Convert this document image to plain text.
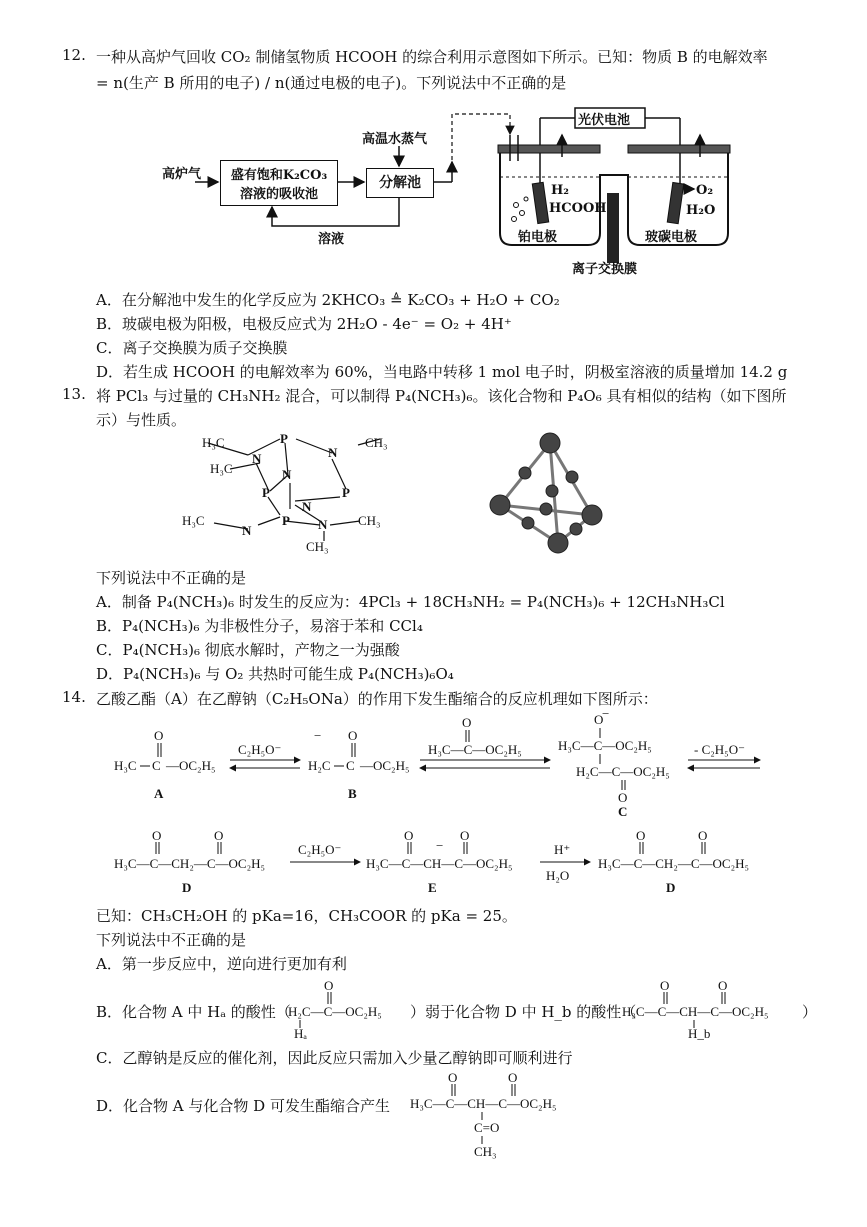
12. 一种从高炉气回收 CO₂ 制储氢物质 HCOOH 的综合利用示意图如下所示。已知：物质 B 的电解效率
= n(生产 B 所用的电子) / n(通过电极的电子)。下列说法中不正确的是
高炉气	盛有饱和K₂CO₃
溶液的吸收池
高温水蒸气
分解池
溶液
光伏电池
H₂
HCOOH
O₂
H₂O
铂电极	玻碳电极
离子交换膜
A．在分解池中发生的化学反应为 2KHCO₃ ≜ K₂CO₃ + H₂O + CO₂
B．玻碳电极为阳极，电极反应式为 2H₂O - 4e⁻ = O₂ + 4H⁺
C．离子交换膜为质子交换膜
D．若生成 HCOOH 的电解效率为 60%，当电路中转移 1 mol 电子时，阴极室溶液的质量增加 14.2 g
13. 将 PCl₃ 与过量的 CH₃NH₂ 混合，可以制得 P₄(NCH₃)₆。该化合物和 P₄O₆ 具有相似的结构（如下图所
示）与性质。
H₃C
N
P
N
CH₃
H₃C	N
P	P
N
P
H₃C
N	N CH₃
CH₃
下列说法中不正确的是
A．制备 P₄(NCH₃)₆ 时发生的反应为：4PCl₃ + 18CH₃NH₂ = P₄(NCH₃)₆ + 12CH₃NH₃Cl
B．P₄(NCH₃)₆ 为非极性分子，易溶于苯和 CCl₄
C．P₄(NCH₃)₆ 彻底水解时，产物之一为强酸
D．P₄(NCH₃)₆ 与 O₂ 共热时可能生成 P₄(NCH₃)₆O₄
14. 乙酸乙酯（A）在乙醇钠（C₂H₅ONa）的作用下发生酯缩合的反应机理如下图所示：
H₃C C
O
—OC₂H₅
A
C₂H₅O⁻
−
H₂C C
O
—OC₂H₅
B
H₃C—C—OC₂H₅
O	O
−
H₃C—C—OC₂H₅
H₂C—C—OC₂H₅
O
C
- C₂H₅O⁻
H₃C—C—CH₂—C—OC₂H₅
O	O
D
C₂H₅O⁻
H₃C—C—CH—C—OC₂H₅
O
−
O
E
H⁺
H₂O
H₃C—C—CH₂—C—OC₂H₅
O	O
D
已知：CH₃CH₂OH 的 pKa=16，CH₃COOR 的 pKa = 25。
下列说法中不正确的是
A．第一步反应中，逆向进行更加有利
B．化合物 A 中 Hₐ 的酸性（
H₂C—C—OC₂H₅
O
Hₐ
）弱于化合物 D 中 H_b 的酸性（
H₃C—C—CH—C—OC₂H₅
O	O
H_b
）
C．乙醇钠是反应的催化剂，因此反应只需加入少量乙醇钠即可顺利进行
D．化合物 A 与化合物 D 可发生酯缩合产生 H₃C—C—CH—C—OC₂H₅
O	O
C=O
CH₃
